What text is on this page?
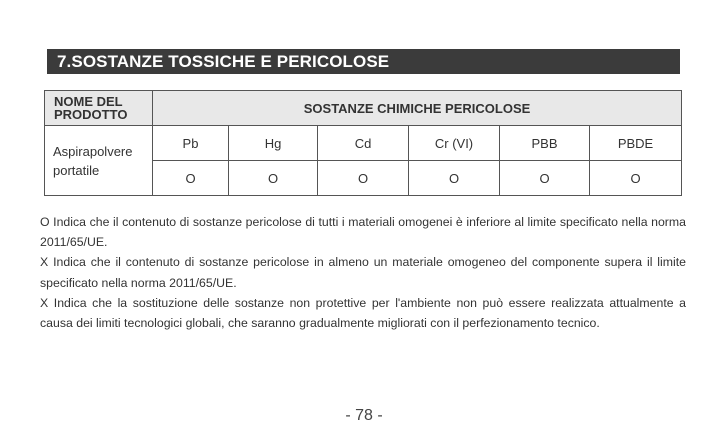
7.SOSTANZE TOSSICHE E PERICOLOSE
NOME DEL
PRODOTTO	SOSTANZE CHIMICHE PERICOLOSE					

Aspirapolvere
portatile	Pb	Hg	Cd	Cr (VI)	PBB	PBDE
	O	O	O	O	O	O

O Indica che il contenuto di sostanze pericolose di tutti i materiali omogenei è inferiore al limite specificato nella norma 2011/65/UE.

X Indica che il contenuto di sostanze pericolose in almeno un materiale omogeneo del componente supera il limite specificato nella norma 2011/65/UE.

X Indica che la sostituzione delle sostanze non protettive per l'ambiente non può essere realizzata attualmente a causa dei limiti tecnologici globali, che saranno gradualmente migliorati con il perfezionamento tecnico.

- 78 -
